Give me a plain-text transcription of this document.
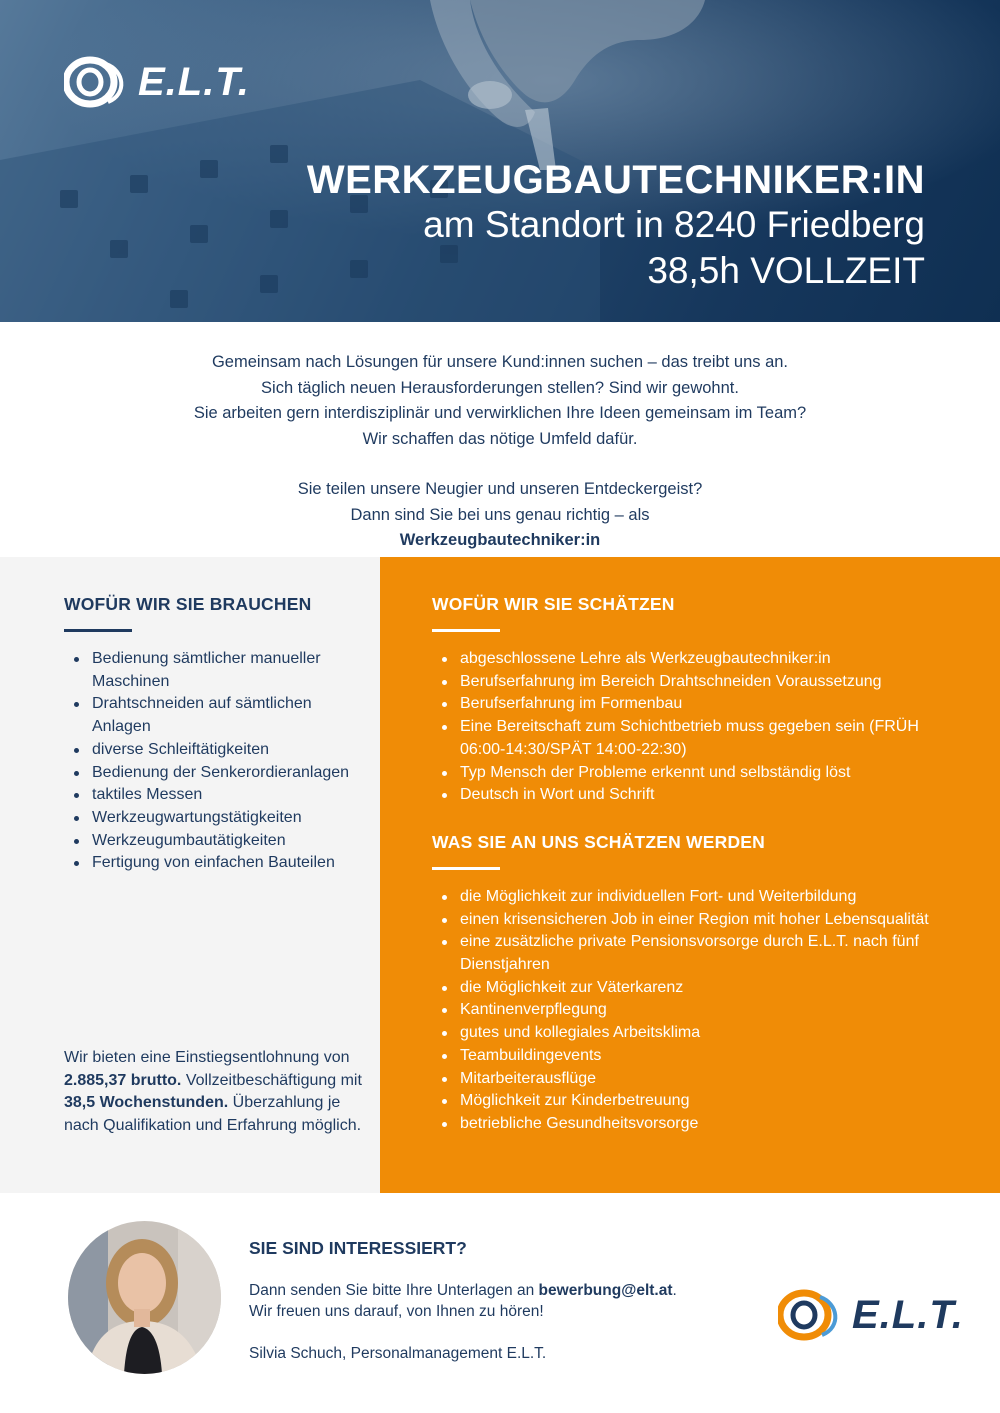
E.L.T.
WERKZEUGBAUTECHNIKER:IN
am Standort in 8240 Friedberg
38,5h VOLLZEIT
Gemeinsam nach Lösungen für unsere Kund:innen suchen – das treibt uns an.
Sich täglich neuen Herausforderungen stellen? Sind wir gewohnt.
Sie arbeiten gern interdisziplinär und verwirklichen Ihre Ideen gemeinsam im Team?
Wir schaffen das nötige Umfeld dafür.
Sie teilen unsere Neugier und unseren Entdeckergeist?
Dann sind Sie bei uns genau richtig – als
Werkzeugbautechniker:in
WOFÜR WIR SIE BRAUCHEN
Bedienung sämtlicher manueller Maschinen
Drahtschneiden auf sämtlichen Anlagen
diverse Schleiftätigkeiten
Bedienung der Senkerordieranlagen
taktiles Messen
Werkzeugwartungstätigkeiten
Werkzeugumbautätigkeiten
Fertigung von einfachen Bauteilen
Wir bieten eine Einstiegsentlohnung von 2.885,37 brutto. Vollzeitbeschäftigung mit 38,5 Wochenstunden. Überzahlung je nach Qualifikation und Erfahrung möglich.
WOFÜR WIR SIE SCHÄTZEN
abgeschlossene Lehre als Werkzeugbautechniker:in
Berufserfahrung im Bereich Drahtschneiden Voraussetzung
Berufserfahrung im Formenbau
Eine Bereitschaft zum Schichtbetrieb muss gegeben sein (FRÜH 06:00-14:30/SPÄT 14:00-22:30)
Typ Mensch der Probleme erkennt und selbständig löst
Deutsch in Wort und Schrift
WAS SIE AN UNS SCHÄTZEN WERDEN
die Möglichkeit zur individuellen Fort- und Weiterbildung
einen krisensicheren Job in einer Region mit hoher Lebensqualität
eine zusätzliche private Pensionsvorsorge durch E.L.T. nach fünf Dienstjahren
die Möglichkeit zur Väterkarenz
Kantinenverpflegung
gutes und kollegiales Arbeitsklima
Teambuildingevents
Mitarbeiterausflüge
Möglichkeit zur Kinderbetreuung
betriebliche Gesundheitsvorsorge
SIE SIND INTERESSIERT?
Dann senden Sie bitte Ihre Unterlagen an bewerbung@elt.at.
Wir freuen uns darauf, von Ihnen zu hören!
Silvia Schuch, Personalmanagement E.L.T.
E.L.T.
